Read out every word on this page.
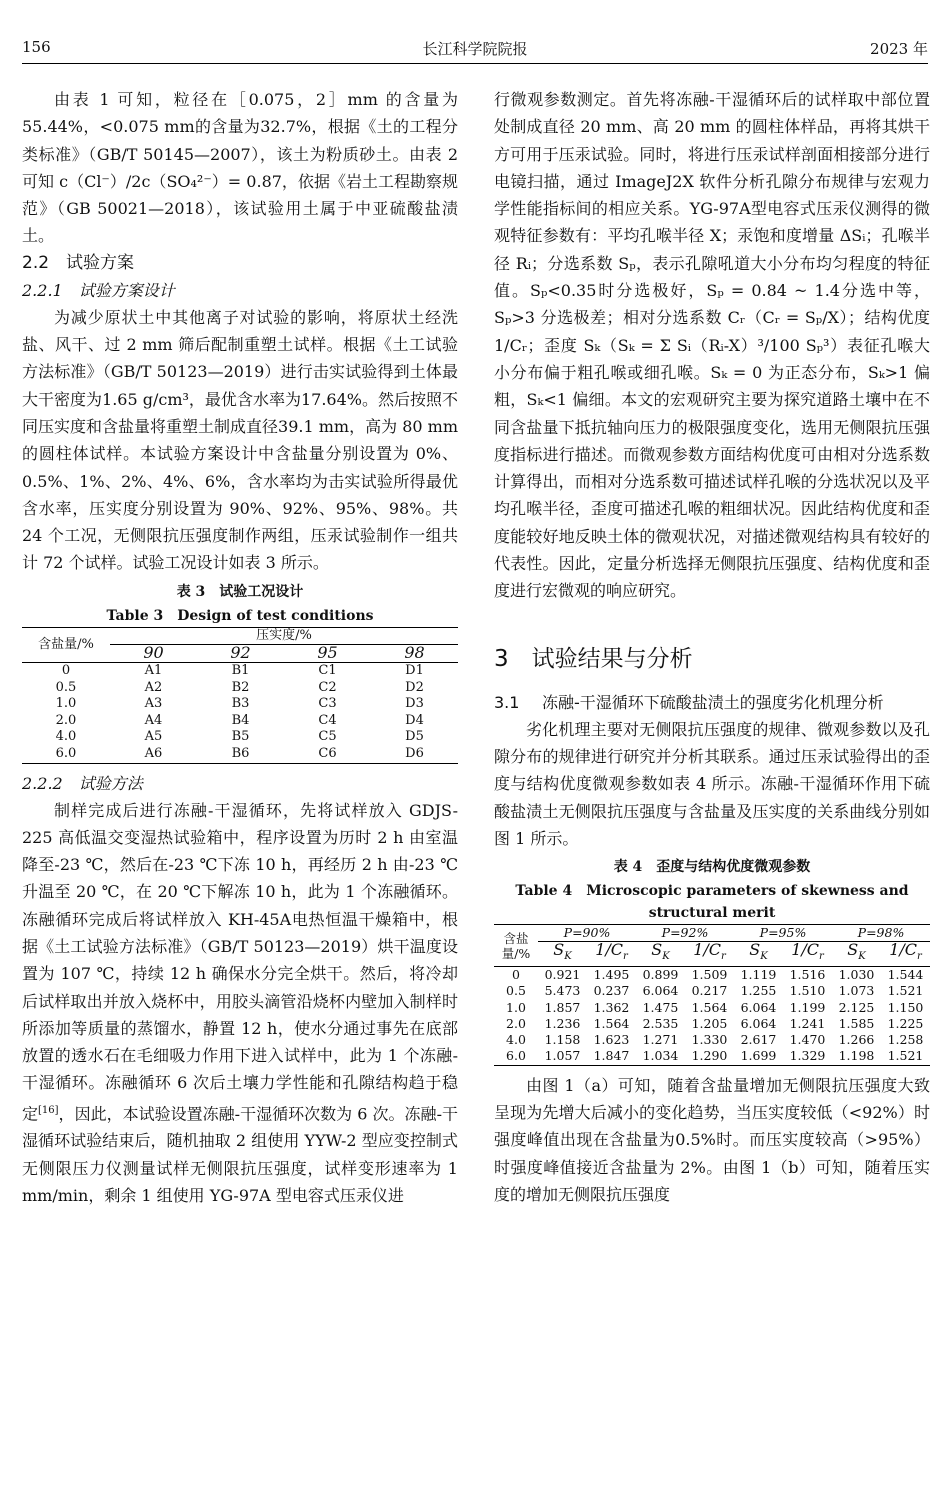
156	长江科学院院报	2023 年

由表 1 可知，粒径在［0.075，2］mm 的含量为 55.44%，<0.075 mm的含量为32.7%，根据《土的工程分类标准》（GB/T 50145—2007），该土为粉质砂土。由表 2 可知 c（Cl⁻）/2c（SO₄²⁻）= 0.87，依据《岩土工程勘察规范》（GB 50021—2018），该试验用土属于中亚硫酸盐渍土。

2.2　试验方案
2.2.1　试验方案设计

为减少原状土中其他离子对试验的影响，将原状土经洗盐、风干、过 2 mm 筛后配制重塑土试样。根据《土工试验方法标准》（GB/T 50123—2019）进行击实试验得到土体最大干密度为1.65 g/cm³，最优含水率为17.64%。然后按照不同压实度和含盐量将重塑土制成直径39.1 mm，高为 80 mm 的圆柱体试样。本试验方案设计中含盐量分别设置为 0%、0.5%、1%、2%、4%、6%，含水率均为击实试验所得最优含水率，压实度分别设置为 90%、92%、95%、98%。共 24 个工况，无侧限抗压强度制作两组，压汞试验制作一组共计 72 个试样。试验工况设计如表 3 所示。

表 3　试验工况设计
Table 3　Design of test conditions
含盐量/%	压实度/%			
	90	92	95	98
0	A1	B1	C1	D1
0.5	A2	B2	C2	D2
1.0	A3	B3	C3	D3
2.0	A4	B4	C4	D4
4.0	A5	B5	C5	D5
6.0	A6	B6	C6	D6
2.2.2　试验方法

制样完成后进行冻融-干湿循环，先将试样放入 GDJS-225 高低温交变湿热试验箱中，程序设置为历时 2 h 由室温降至-23 ℃，然后在-23 ℃下冻 10 h，再经历 2 h 由-23 ℃升温至 20 ℃，在 20 ℃下解冻 10 h，此为 1 个冻融循环。冻融循环完成后将试样放入 KH-45A电热恒温干燥箱中，根据《土工试验方法标准》（GB/T 50123—2019）烘干温度设置为 107 ℃，持续 12 h 确保水分完全烘干。然后，将冷却后试样取出并放入烧杯中，用胶头滴管沿烧杯内壁加入制样时所添加等质量的蒸馏水，静置 12 h，使水分通过事先在底部放置的透水石在毛细吸力作用下进入试样中，此为 1 个冻融-干湿循环。冻融循环 6 次后土壤力学性能和孔隙结构趋于稳定[16]，因此，本试验设置冻融-干湿循环次数为 6 次。冻融-干湿循环试验结束后，随机抽取 2 组使用 YYW-2 型应变控制式无侧限压力仪测量试样无侧限抗压强度，试样变形速率为 1 mm/min，剩余 1 组使用 YG-97A 型电容式压汞仪进

行微观参数测定。首先将冻融-干湿循环后的试样取中部位置处制成直径 20 mm、高 20 mm 的圆柱体样品，再将其烘干方可用于压汞试验。同时，将进行压汞试样剖面相接部分进行电镜扫描，通过 ImageJ2X 软件分析孔隙分布规律与宏观力学性能指标间的相应关系。YG-97A型电容式压汞仪测得的微观特征参数有：平均孔喉半径 X；汞饱和度增量 ΔSᵢ；孔喉半径 Rᵢ；分选系数 Sₚ，表示孔隙吼道大小分布均匀程度的特征值。Sₚ<0.35时分选极好，Sₚ = 0.84 ~ 1.4分选中等，Sₚ>3 分选极差；相对分选系数 Cᵣ（Cᵣ = Sₚ/X）；结构优度 1/Cᵣ；歪度 Sₖ（Sₖ = Σ Sᵢ（Rᵢ-X）³/100 Sₚ³）表征孔喉大小分布偏于粗孔喉或细孔喉。Sₖ = 0 为正态分布，Sₖ>1 偏粗，Sₖ<1 偏细。本文的宏观研究主要为探究道路土壤中在不同含盐量下抵抗轴向压力的极限强度变化，选用无侧限抗压强度指标进行描述。而微观参数方面结构优度可由相对分选系数计算得出，而相对分选系数可描述试样孔喉的分选状况以及平均孔喉半径，歪度可描述孔喉的粗细状况。因此结构优度和歪度能较好地反映土体的微观状况，对描述微观结构具有较好的代表性。因此，定量分析选择无侧限抗压强度、结构优度和歪度进行宏微观的响应研究。

3　试验结果与分析
3.1	冻融-干湿循环下硫酸盐渍土的强度劣化机理分析

劣化机理主要对无侧限抗压强度的规律、微观参数以及孔隙分布的规律进行研究并分析其联系。通过压汞试验得出的歪度与结构优度微观参数如表 4 所示。冻融-干湿循环作用下硫酸盐渍土无侧限抗压强度与含盐量及压实度的关系曲线分别如图 1 所示。

表 4　歪度与结构优度微观参数
Table 4　Microscopic parameters of skewness and
structural merit
含盐
量/%	P=90%		P=92%		P=95%		P=98%	
	$S_K$	$1/C_r$	$S_K$	$1/C_r$	$S_K$	$1/C_r$	$S_K$	$1/C_r$
0	0.921	1.495	0.899	1.509	1.119	1.516	1.030	1.544
0.5	5.473	0.237	6.064	0.217	1.255	1.510	1.073	1.521
1.0	1.857	1.362	1.475	1.564	6.064	1.199	2.125	1.150
2.0	1.236	1.564	2.535	1.205	6.064	1.241	1.585	1.225
4.0	1.158	1.623	1.271	1.330	2.617	1.470	1.266	1.258
6.0	1.057	1.847	1.034	1.290	1.699	1.329	1.198	1.521

由图 1（a）可知，随着含盐量增加无侧限抗压强度大致呈现为先增大后减小的变化趋势，当压实度较低（<92%）时强度峰值出现在含盐量为0.5%时。而压实度较高（>95%）时强度峰值接近含盐量为 2%。由图 1（b）可知，随着压实度的增加无侧限抗压强度
